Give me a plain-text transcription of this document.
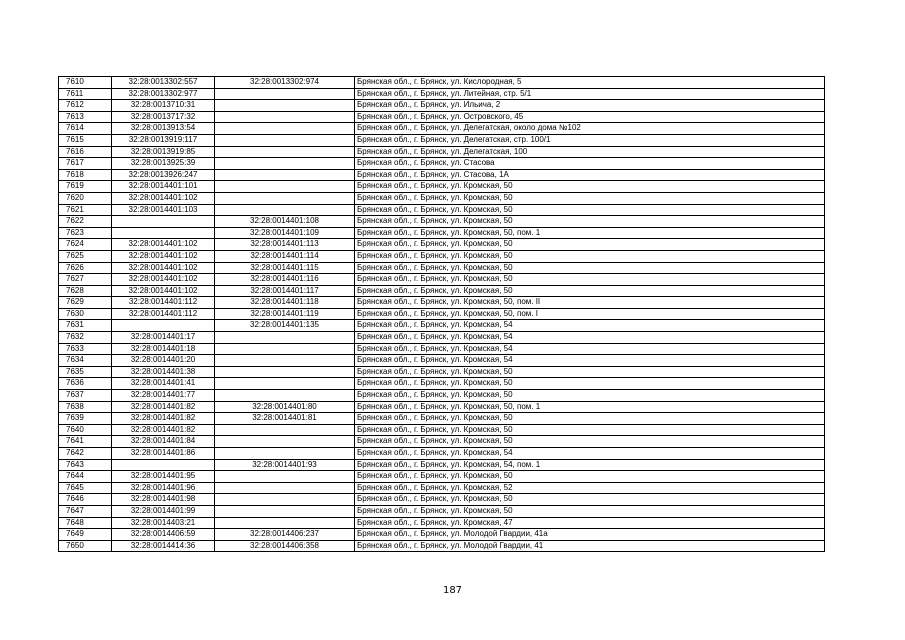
7610	32:28:0013302:557	32:28:0013302:974	Брянская обл., г. Брянск, ул. Кислородная, 5
7611	32:28:0013302:977		Брянская обл., г. Брянск, ул. Литейная, стр. 5/1
7612	32:28:0013710:31		Брянская обл., г. Брянск, ул. Ильича, 2
7613	32:28:0013717:32		Брянская обл., г. Брянск, ул. Островского, 45
7614	32:28:0013913:54		Брянская обл., г. Брянск, ул. Делегатская, около дома №102
7615	32:28:0013919:117		Брянская обл., г. Брянск, ул. Делегатская, стр. 100/1
7616	32:28:0013919:85		Брянская обл., г. Брянск, ул. Делегатская, 100
7617	32:28:0013925:39		Брянская обл., г. Брянск, ул. Стасова
7618	32:28:0013926:247		Брянская обл., г. Брянск, ул. Стасова, 1А
7619	32:28:0014401:101		Брянская обл., г. Брянск, ул. Кромская, 50
7620	32:28:0014401:102		Брянская обл., г. Брянск, ул. Кромская, 50
7621	32:28:0014401:103		Брянская обл., г. Брянск, ул. Кромская, 50
7622		32:28:0014401:108	Брянская обл., г. Брянск, ул. Кромская, 50
7623		32:28:0014401:109	Брянская обл., г. Брянск, ул. Кромская, 50, пом. 1
7624	32:28:0014401:102	32:28:0014401:113	Брянская обл., г. Брянск, ул. Кромская, 50
7625	32:28:0014401:102	32:28:0014401:114	Брянская обл., г. Брянск, ул. Кромская, 50
7626	32:28:0014401:102	32:28:0014401:115	Брянская обл., г. Брянск, ул. Кромская, 50
7627	32:28:0014401:102	32:28:0014401:116	Брянская обл., г. Брянск, ул. Кромская, 50
7628	32:28:0014401:102	32:28:0014401:117	Брянская обл., г. Брянск, ул. Кромская, 50
7629	32:28:0014401:112	32:28:0014401:118	Брянская обл., г. Брянск, ул. Кромская, 50, пом. II
7630	32:28:0014401:112	32:28:0014401:119	Брянская обл., г. Брянск, ул. Кромская, 50, пом. I
7631		32:28:0014401:135	Брянская обл., г. Брянск, ул. Кромская, 54
7632	32:28:0014401:17		Брянская обл., г. Брянск, ул. Кромская, 54
7633	32:28:0014401:18		Брянская обл., г. Брянск, ул. Кромская, 54
7634	32:28:0014401:20		Брянская обл., г. Брянск, ул. Кромская, 54
7635	32:28:0014401:38		Брянская обл., г. Брянск, ул. Кромская, 50
7636	32:28:0014401:41		Брянская обл., г. Брянск, ул. Кромская, 50
7637	32:28:0014401:77		Брянская обл., г. Брянск, ул. Кромская, 50
7638	32:28:0014401:82	32:28:0014401:80	Брянская обл., г. Брянск, ул. Кромская, 50, пом. 1
7639	32:28:0014401:82	32:28:0014401:81	Брянская обл., г. Брянск, ул. Кромская, 50
7640	32:28:0014401:82		Брянская обл., г. Брянск, ул. Кромская, 50
7641	32:28:0014401:84		Брянская обл., г. Брянск, ул. Кромская, 50
7642	32:28:0014401:86		Брянская обл., г. Брянск, ул. Кромская, 54
7643		32:28:0014401:93	Брянская обл., г. Брянск, ул. Кромская, 54, пом. 1
7644	32:28:0014401:95		Брянская обл., г. Брянск, ул. Кромская, 50
7645	32:28:0014401:96		Брянская обл., г. Брянск, ул. Кромская, 52
7646	32:28:0014401:98		Брянская обл., г. Брянск, ул. Кромская, 50
7647	32:28:0014401:99		Брянская обл., г. Брянск, ул. Кромская, 50
7648	32:28:0014403:21		Брянская обл., г. Брянск, ул. Кромская, 47
7649	32:28:0014406:59	32:28:0014406:237	Брянская обл., г. Брянск, ул. Молодой Гвардии, 41а
7650	32:28:0014414:36	32:28:0014406:358	Брянская обл., г. Брянск, ул. Молодой Гвардии, 41
187
